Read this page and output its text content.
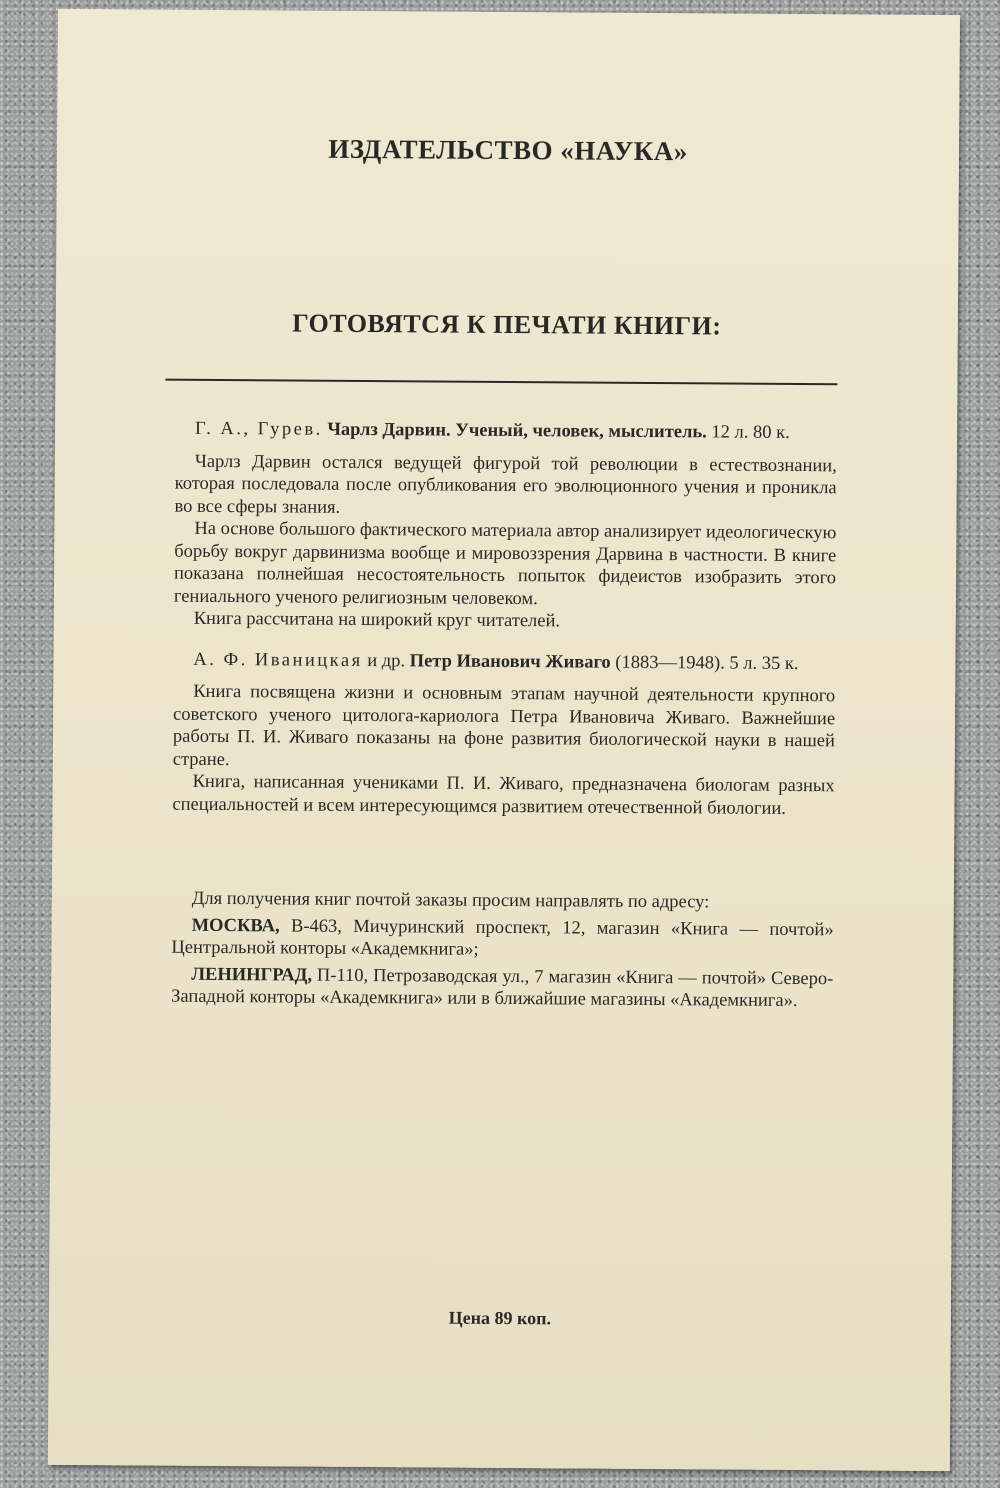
ИЗДАТЕЛЬСТВО «НАУКА»
ГОТОВЯТСЯ К ПЕЧАТИ КНИГИ:

Г. А., Гурев. Чарлз Дарвин. Ученый, человек, мыслитель. 12 л. 80 к.

Чарлз Дарвин остался ведущей фигурой той революции в естествознании, которая последовала после опубликования его эволюционного учения и проникла во все сферы знания.

На основе большого фактического материала автор анализирует идеологическую борьбу вокруг дарвинизма вообще и мировоззрения Дарвина в частности. В книге показана полнейшая несостоятельность попыток фидеистов изобразить этого гениального ученого религиозным человеком.

Книга рассчитана на широкий круг читателей.

А. Ф. Иваницкая и др. Петр Иванович Живаго (1883—1948). 5 л. 35 к.

Книга посвящена жизни и основным этапам научной деятельности крупного советского ученого цитолога-кариолога Петра Ивановича Живаго. Важнейшие работы П. И. Живаго показаны на фоне развития биологической науки в нашей стране.

Книга, написанная учениками П. И. Живаго, предназначена биологам разных специальностей и всем интересующимся развитием отечественной биологии.

Для получения книг почтой заказы просим направлять по адресу:

МОСКВА, В-463, Мичуринский проспект, 12, магазин «Книга — почтой» Центральной конторы «Академкнига»;

ЛЕНИНГРАД, П-110, Петрозаводская ул., 7 магазин «Книга — почтой» Северо-Западной конторы «Академкнига» или в ближайшие магазины «Академкнига».

Цена 89 коп.
